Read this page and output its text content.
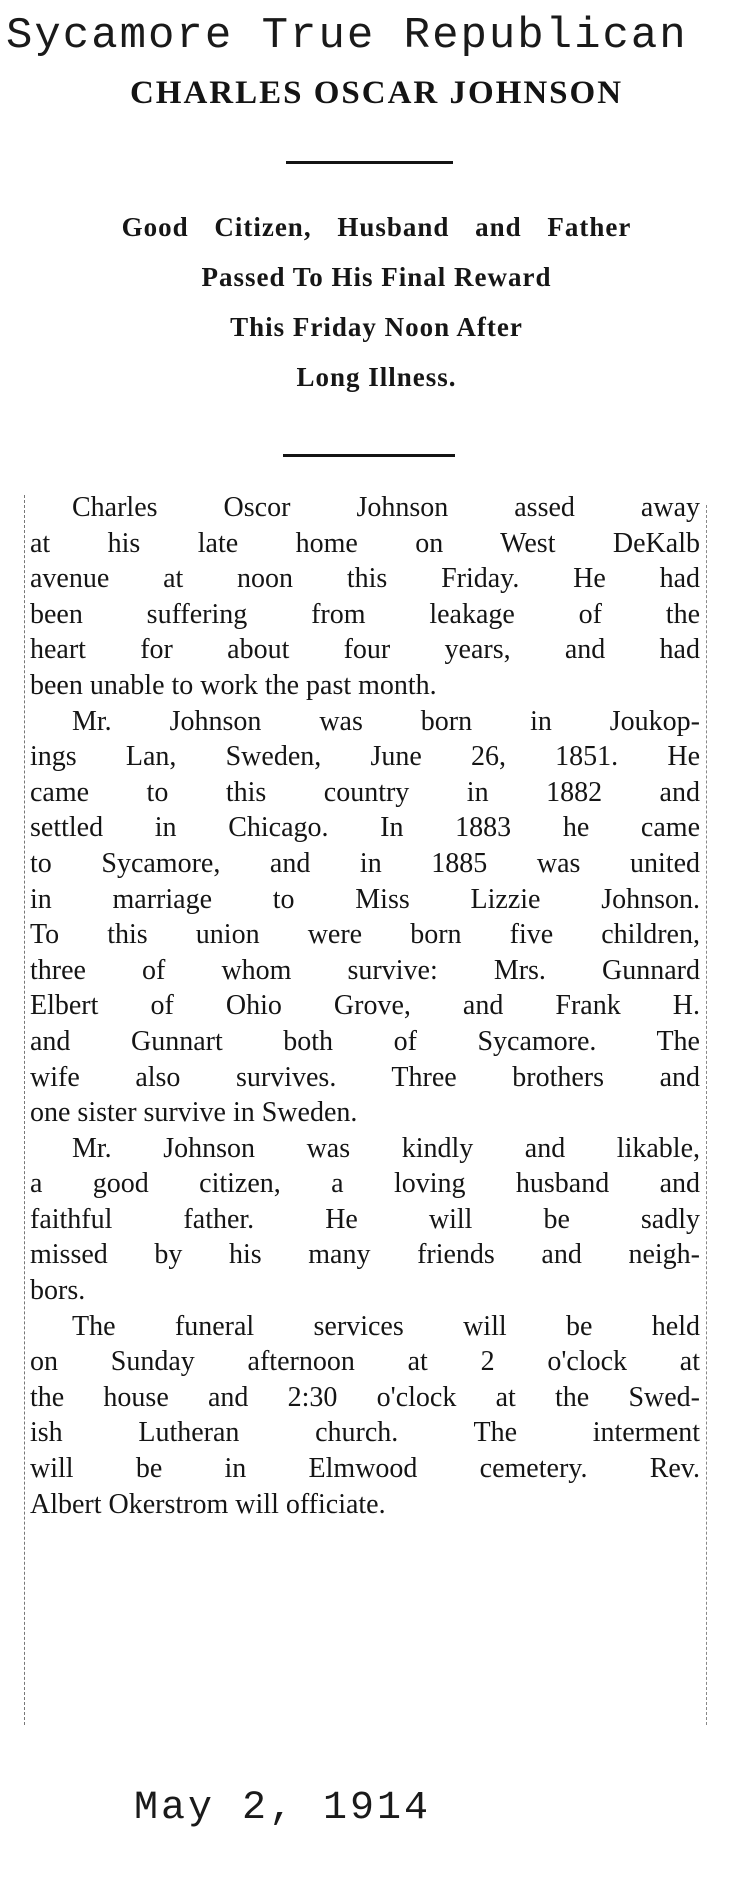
Sycamore True Republican
CHARLES OSCAR JOHNSON
Good Citizen, Husband and Father
Passed To His Final Reward
This Friday Noon After
Long Illness.
Charles Oscor Johnson assed away
at his late home on West DeKalb
avenue at noon this Friday. He had
been suffering from leakage of the
heart for about four years, and had
been unable to work the past month.
Mr. Johnson was born in Joukop-
ings Lan, Sweden, June 26, 1851. He
came to this country in 1882 and
settled in Chicago. In 1883 he came
to Sycamore, and in 1885 was united
in marriage to Miss Lizzie Johnson.
To this union were born five children,
three of whom survive: Mrs. Gunnard
Elbert of Ohio Grove, and Frank H.
and Gunnart both of Sycamore. The
wife also survives. Three brothers and
one sister survive in Sweden.
Mr. Johnson was kindly and likable,
a good citizen, a loving husband and
faithful father. He will be sadly
missed by his many friends and neigh-
bors.
The funeral services will be held
on Sunday afternoon at 2 o'clock at
the house and 2:30 o'clock at the Swed-
ish Lutheran church. The interment
will be in Elmwood cemetery. Rev.
Albert Okerstrom will officiate.
May 2, 1914
